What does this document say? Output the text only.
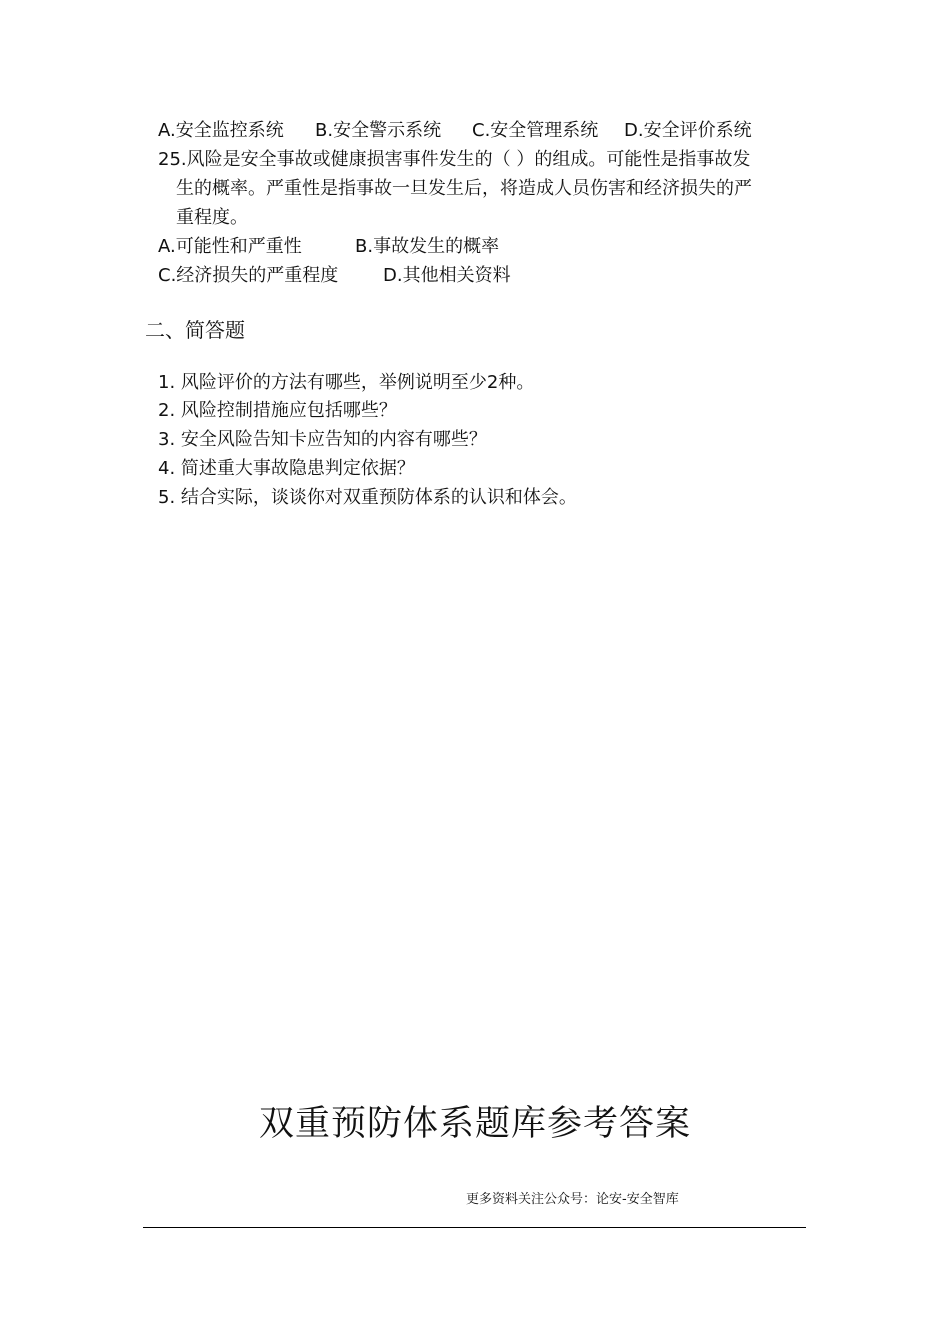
A.安全监控系统 B.安全警示系统 C.安全管理系统 D.安全评价系统
25.风险是安全事故或健康损害事件发生的（ ）的组成。可能性是指事故发
生的概率。严重性是指事故一旦发生后，将造成人员伤害和经济损失的严
重程度。
A.可能性和严重性	B.事故发生的概率
C.经济损失的严重程度 D.其他相关资料
二、简答题
1. 风险评价的方法有哪些，举例说明至少2种。
2. 风险控制措施应包括哪些？
3. 安全风险告知卡应告知的内容有哪些？
4. 简述重大事故隐患判定依据？
5. 结合实际，谈谈你对双重预防体系的认识和体会。
双重预防体系题库参考答案
更多资料关注公众号：论安-安全智库
